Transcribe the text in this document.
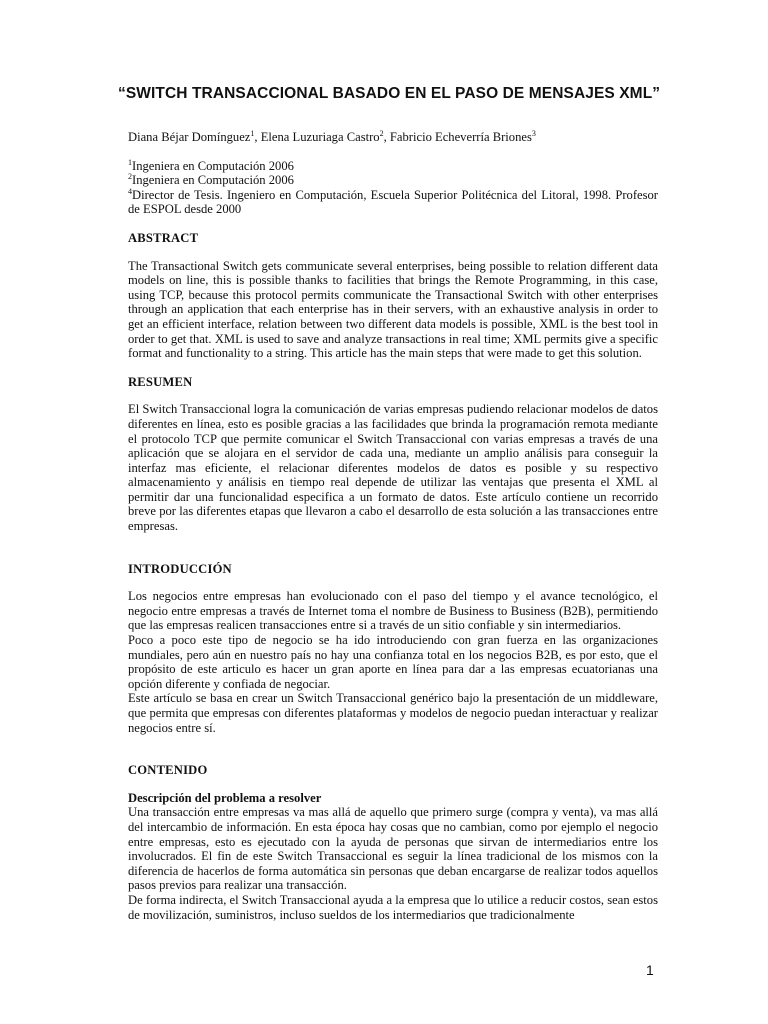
“SWITCH TRANSACCIONAL BASADO EN EL PASO DE MENSAJES XML”

Diana Béjar Domínguez$^1$, Elena Luzuriaga Castro$^2$, Fabricio Echeverría Briones$^3$

$^1$Ingeniera en Computación 2006

$^2$Ingeniera en Computación 2006

$^4$Director de Tesis. Ingeniero en Computación, Escuela Superior Politécnica del Litoral, 1998. Profesor de ESPOL desde 2000

ABSTRACT

The Transactional Switch gets communicate several enterprises, being possible to relation different data models on line, this is possible thanks to facilities that brings the Remote Programming, in this case, using TCP, because this protocol permits communicate the Transactional Switch with other enterprises through an application that each enterprise has in their servers, with an exhaustive analysis in order to get an efficient interface, relation between two different data models is possible, XML is the best tool in order to get that. XML is used to save and analyze transactions in real time; XML permits give a specific format and functionality to a string. This article has the main steps that were made to get this solution.

RESUMEN

El Switch Transaccional logra la comunicación de varias empresas pudiendo relacionar modelos de datos diferentes en línea, esto es posible gracias a las facilidades que brinda la programación remota mediante el protocolo TCP que permite comunicar el Switch Transaccional con varias empresas a través de una aplicación que se alojara en el servidor de cada una, mediante un amplio análisis para conseguir la interfaz mas eficiente, el relacionar diferentes modelos de datos es posible y su respectivo almacenamiento y análisis en tiempo real depende de utilizar las ventajas que presenta el XML al permitir dar una funcionalidad especifica a un formato de datos. Este artículo contiene un recorrido breve por las diferentes etapas que llevaron a cabo el desarrollo de esta solución a las transacciones entre empresas.

INTRODUCCIÓN

Los negocios entre empresas han evolucionado con el paso del tiempo y el avance tecnológico, el negocio entre empresas a través de Internet toma el nombre de Business to Business (B2B), permitiendo que las empresas realicen transacciones entre si a través de un sitio confiable y sin intermediarios.

Poco a poco este tipo de negocio se ha ido introduciendo con gran fuerza en las organizaciones mundiales, pero aún en nuestro país no hay una confianza total en los negocios B2B, es por esto, que el propósito de este articulo es hacer un gran aporte en línea para dar a las empresas ecuatorianas una opción diferente y confiada de negociar.

Este artículo se basa en crear un Switch Transaccional genérico bajo la presentación de un middleware, que permita que empresas con diferentes plataformas y modelos de negocio puedan interactuar y realizar negocios entre sí.

CONTENIDO
Descripción del problema a resolver

Una transacción entre empresas va mas allá de aquello que primero surge (compra y venta), va mas allá del intercambio de información. En esta época hay cosas que no cambian, como por ejemplo el negocio entre empresas, esto es ejecutado con la ayuda de personas que sirvan de intermediarios entre los involucrados. El fin de este Switch Transaccional es seguir la línea tradicional de los mismos con la diferencia de hacerlos de forma automática sin personas que deban encargarse de realizar todos aquellos pasos previos para realizar una transacción.

De forma indirecta, el Switch Transaccional ayuda a la empresa que lo utilice a reducir costos, sean estos de movilización, suministros, incluso sueldos de los intermediarios que tradicionalmente

1
